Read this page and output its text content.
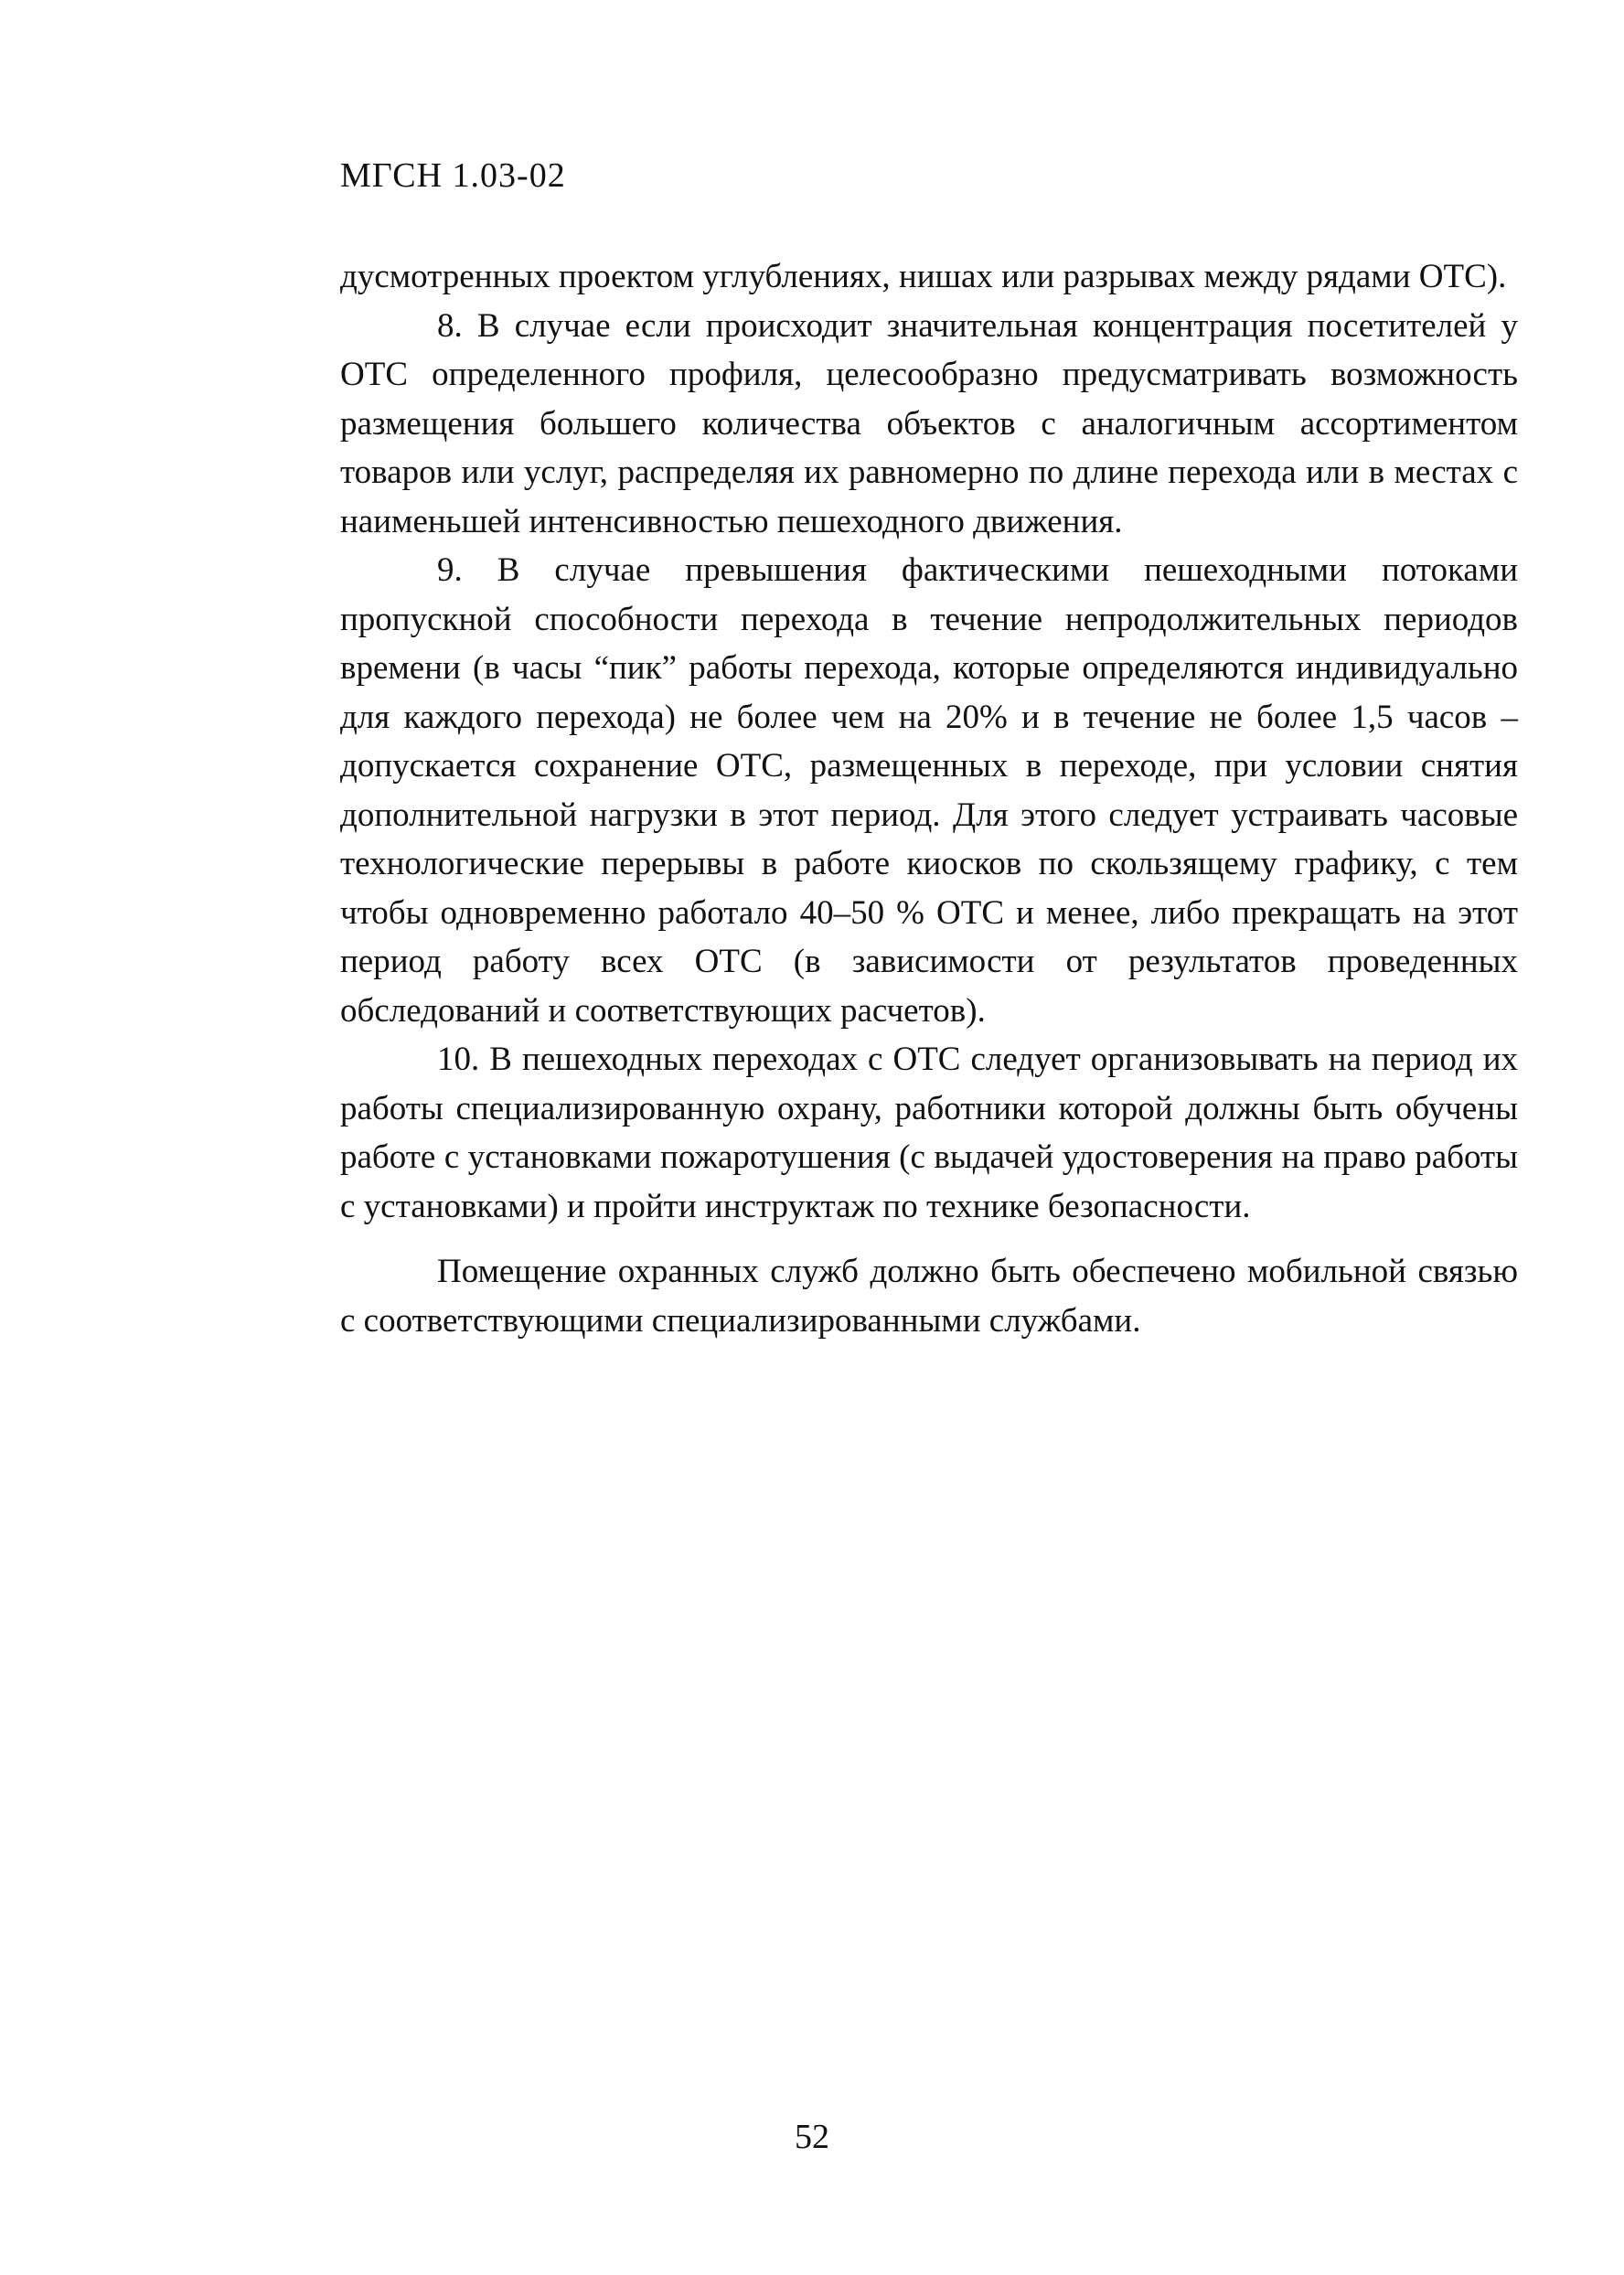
МГСН 1.03-02

дусмотренных проектом углублениях, нишах или разрывах между рядами ОТС).

8. В случае если происходит значительная концентрация посетителей у ОТС определенного профиля, целесообразно предусматривать возможность размещения большего количества объектов с аналогичным ассортиментом товаров или услуг, распределяя их равномерно по длине перехода или в местах с наименьшей интенсивностью пешеходного движения.

9. В случае превышения фактическими пешеходными потоками пропускной способности перехода в течение непродолжительных периодов времени (в часы “пик” работы перехода, которые определяются индивидуально для каждого перехода) не более чем на 20% и в течение не более 1,5 часов – допускается сохранение ОТС, размещенных в переходе, при условии снятия дополнительной нагрузки в этот период. Для этого следует устраивать часовые технологические перерывы в работе киосков по скользящему графику, с тем чтобы одновременно работало 40–50 % ОТС и менее, либо прекращать на этот период работу всех ОТС (в зависимости от результатов проведенных обследований и соответствующих расчетов).

10. В пешеходных переходах с ОТС следует организовывать на период их работы специализированную охрану, работники которой должны быть обучены работе с установками пожаротушения (с выдачей удостоверения на право работы с установками) и пройти инструктаж по технике безопасности.

Помещение охранных служб должно быть обеспечено мобильной связью с соответствующими специализированными службами.

52
